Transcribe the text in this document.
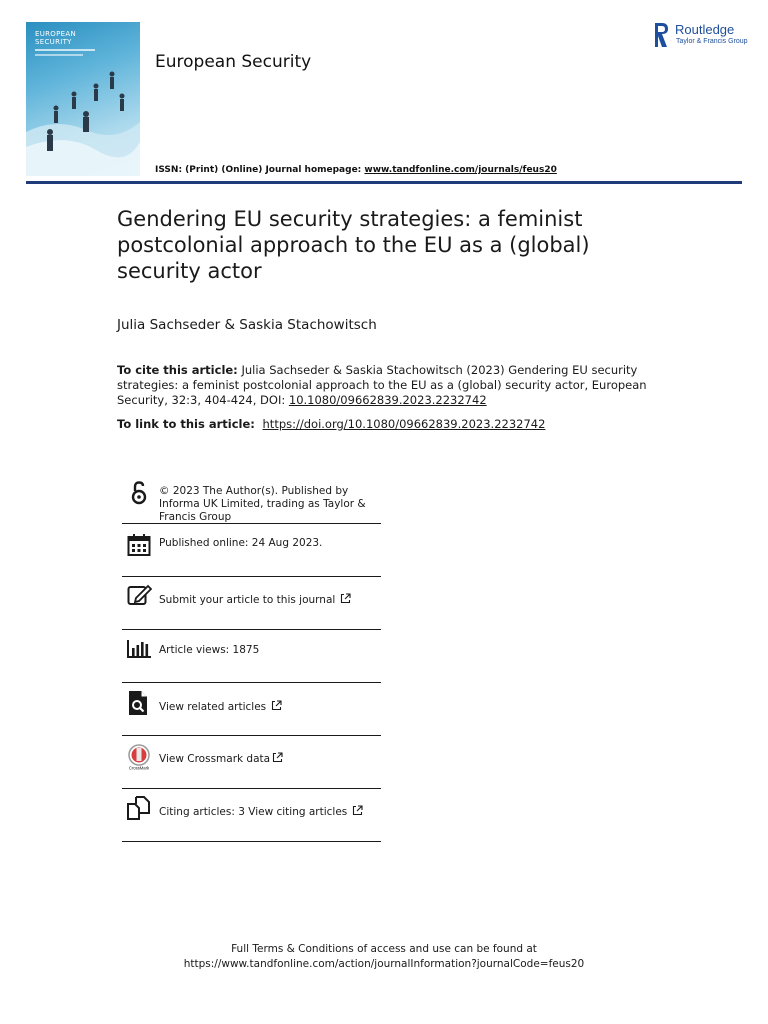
EUROPEAN
SECURITY
European Security
Routledge
Taylor & Francis Group
ISSN: (Print) (Online) Journal homepage: www.tandfonline.com/journals/feus20
Gendering EU security strategies: a feminist postcolonial approach to the EU as a (global) security actor
Julia Sachseder & Saskia Stachowitsch
To cite this article: Julia Sachseder & Saskia Stachowitsch (2023) Gendering EU security strategies: a feminist postcolonial approach to the EU as a (global) security actor, European Security, 32:3, 404-424, DOI: 10.1080/09662839.2023.2232742
To link to this article:  https://doi.org/10.1080/09662839.2023.2232742
© 2023 The Author(s). Published by Informa UK Limited, trading as Taylor & Francis Group
Published online: 24 Aug 2023.
Submit your article to this journal
Article views: 1875
View related articles
CrossMark
View Crossmark data
Citing articles: 3 View citing articles
Full Terms & Conditions of access and use can be found at
https://www.tandfonline.com/action/journalInformation?journalCode=feus20
